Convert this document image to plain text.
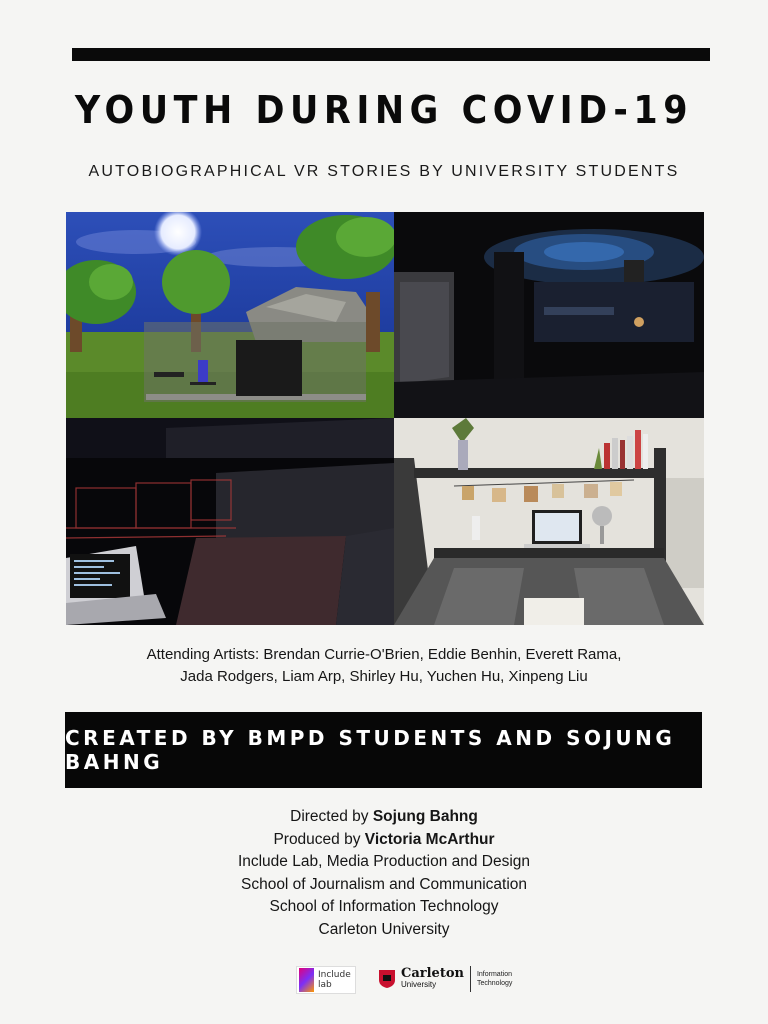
YOUTH DURING COVID-19
AUTOBIOGRAPHICAL VR STORIES BY UNIVERSITY STUDENTS
Attending Artists: Brendan Currie-O'Brien, Eddie Benhin, Everett Rama,
Jada Rodgers, Liam Arp, Shirley Hu, Yuchen Hu, Xinpeng Liu
CREATED BY BMPD STUDENTS AND SOJUNG BAHNG
Directed by Sojung Bahng
Produced by Victoria McArthur
Include Lab, Media Production and Design
School of Journalism and Communication
School of Information Technology
Carleton University
Include lab
Carleton
University
Information
Technology
